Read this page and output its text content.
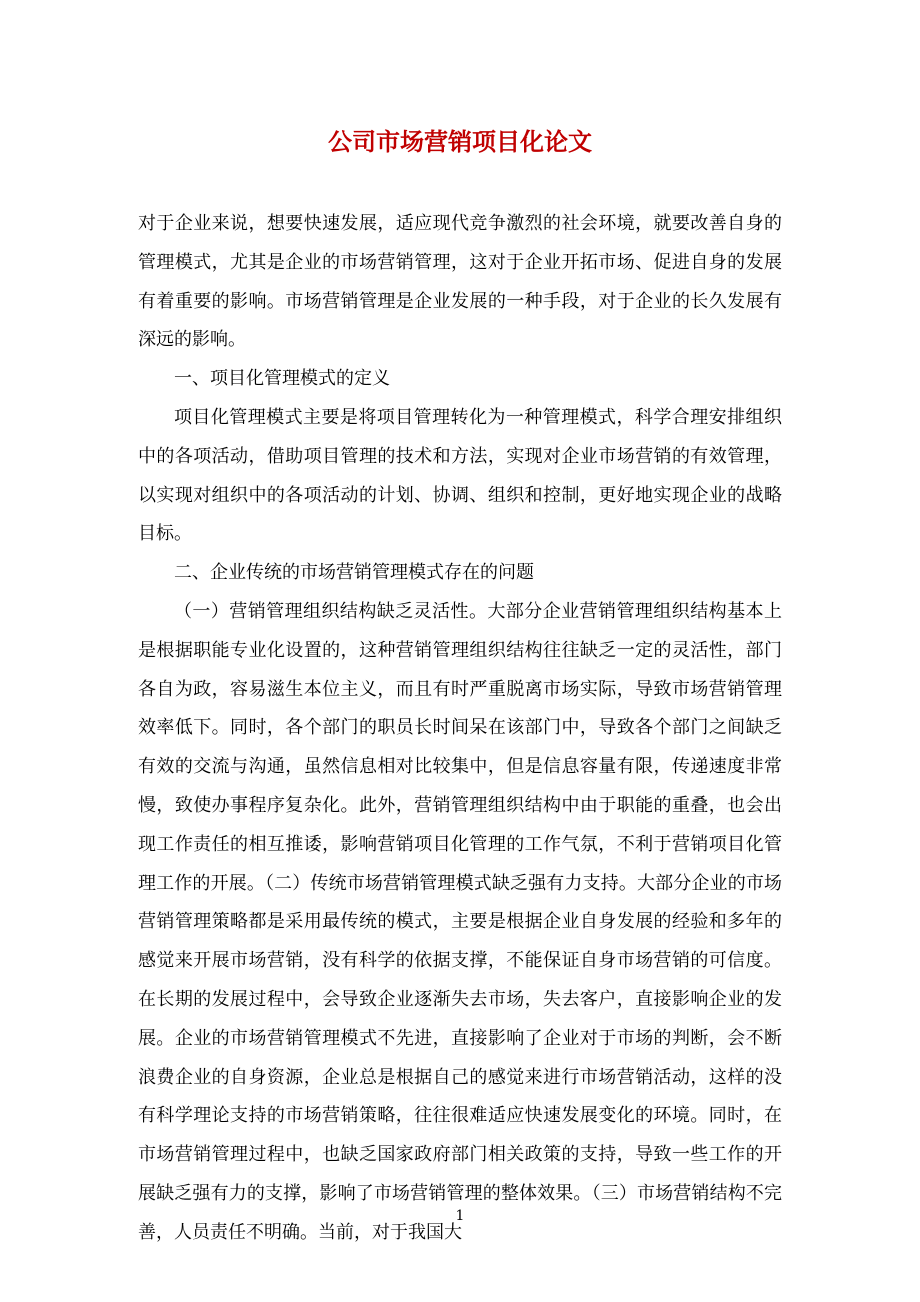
公司市场营销项目化论文

对于企业来说，想要快速发展，适应现代竞争激烈的社会环境，就要改善自身的管理模式，尤其是企业的市场营销管理，这对于企业开拓市场、促进自身的发展有着重要的影响。市场营销管理是企业发展的一种手段，对于企业的长久发展有深远的影响。

一、项目化管理模式的定义

项目化管理模式主要是将项目管理转化为一种管理模式，科学合理安排组织中的各项活动，借助项目管理的技术和方法，实现对企业市场营销的有效管理，以实现对组织中的各项活动的计划、协调、组织和控制，更好地实现企业的战略目标。

二、企业传统的市场营销管理模式存在的问题

（一）营销管理组织结构缺乏灵活性。大部分企业营销管理组织结构基本上是根据职能专业化设置的，这种营销管理组织结构往往缺乏一定的灵活性，部门各自为政，容易滋生本位主义，而且有时严重脱离市场实际，导致市场营销管理效率低下。同时，各个部门的职员长时间呆在该部门中，导致各个部门之间缺乏有效的交流与沟通，虽然信息相对比较集中，但是信息容量有限，传递速度非常慢，致使办事程序复杂化。此外，营销管理组织结构中由于职能的重叠，也会出现工作责任的相互推诿，影响营销项目化管理的工作气氛，不利于营销项目化管理工作的开展。（二）传统市场营销管理模式缺乏强有力支持。大部分企业的市场营销管理策略都是采用最传统的模式，主要是根据企业自身发展的经验和多年的感觉来开展市场营销，没有科学的依据支撑，不能保证自身市场营销的可信度。在长期的发展过程中，会导致企业逐渐失去市场，失去客户，直接影响企业的发展。企业的市场营销管理模式不先进，直接影响了企业对于市场的判断，会不断浪费企业的自身资源，企业总是根据自己的感觉来进行市场营销活动，这样的没有科学理论支持的市场营销策略，往往很难适应快速发展变化的环境。同时，在市场营销管理过程中，也缺乏国家政府部门相关政策的支持，导致一些工作的开展缺乏强有力的支撑，影响了市场营销管理的整体效果。（三）市场营销结构不完善，人员责任不明确。当前，对于我国大

1
